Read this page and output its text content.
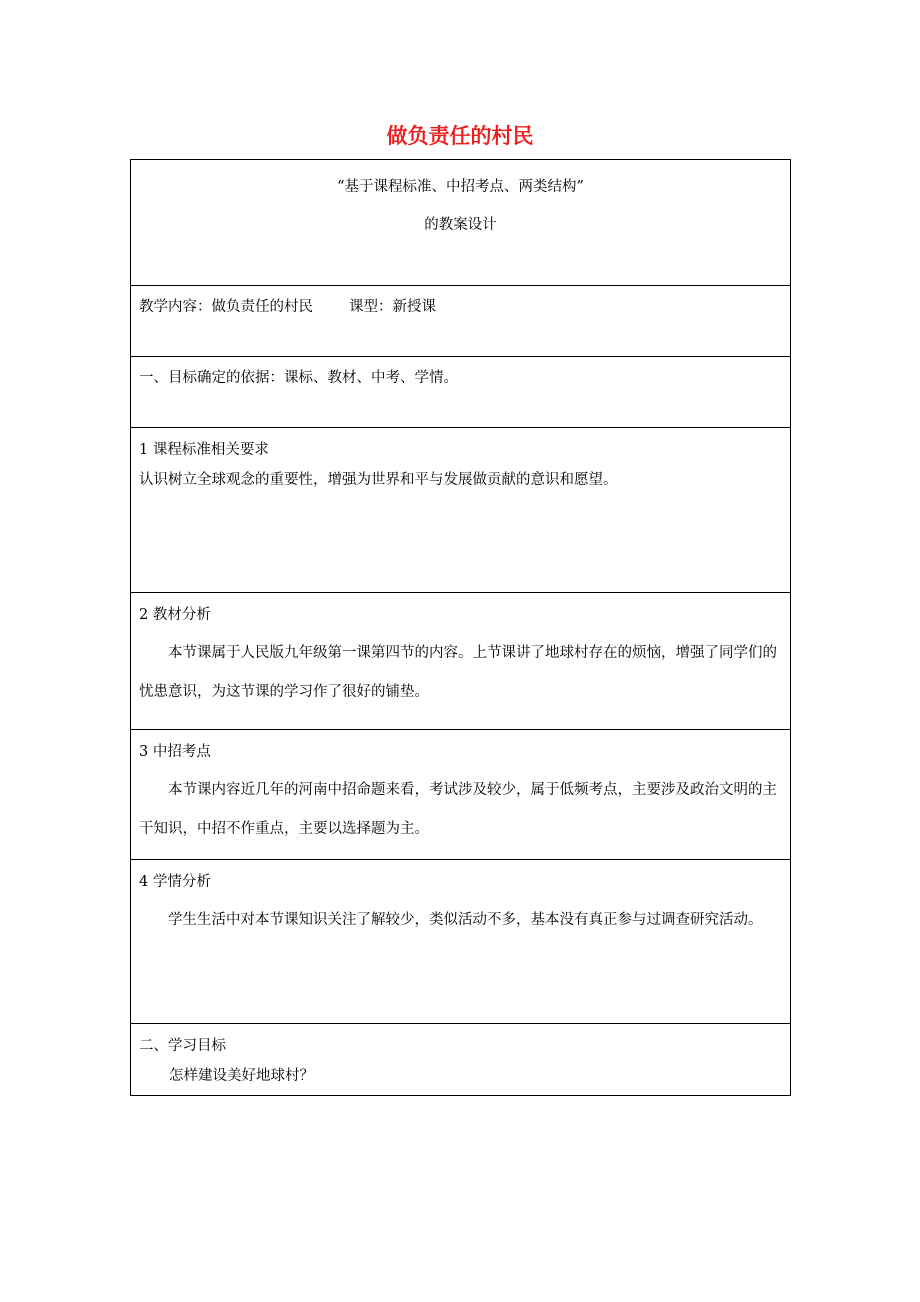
做负责任的村民
“基于课程标准、中招考点、两类结构”
的教案设计

教学内容：做负责任的村民 课型：新授课

一、目标确定的依据：课标、教材、中考、学情。

1 课程标准相关要求
认识树立全球观念的重要性，增强为世界和平与发展做贡献的意识和愿望。

2 教材分析
本节课属于人民版九年级第一课第四节的内容。上节课讲了地球村存在的烦恼，增强了同学们的忧患意识，为这节课的学习作了很好的铺垫。

3 中招考点
本节课内容近几年的河南中招命题来看，考试涉及较少，属于低频考点，主要涉及政治文明的主干知识，中招不作重点，主要以选择题为主。

4 学情分析
学生生活中对本节课知识关注了解较少，类似活动不多，基本没有真正参与过调查研究活动。

二、学习目标
怎样建设美好地球村？
